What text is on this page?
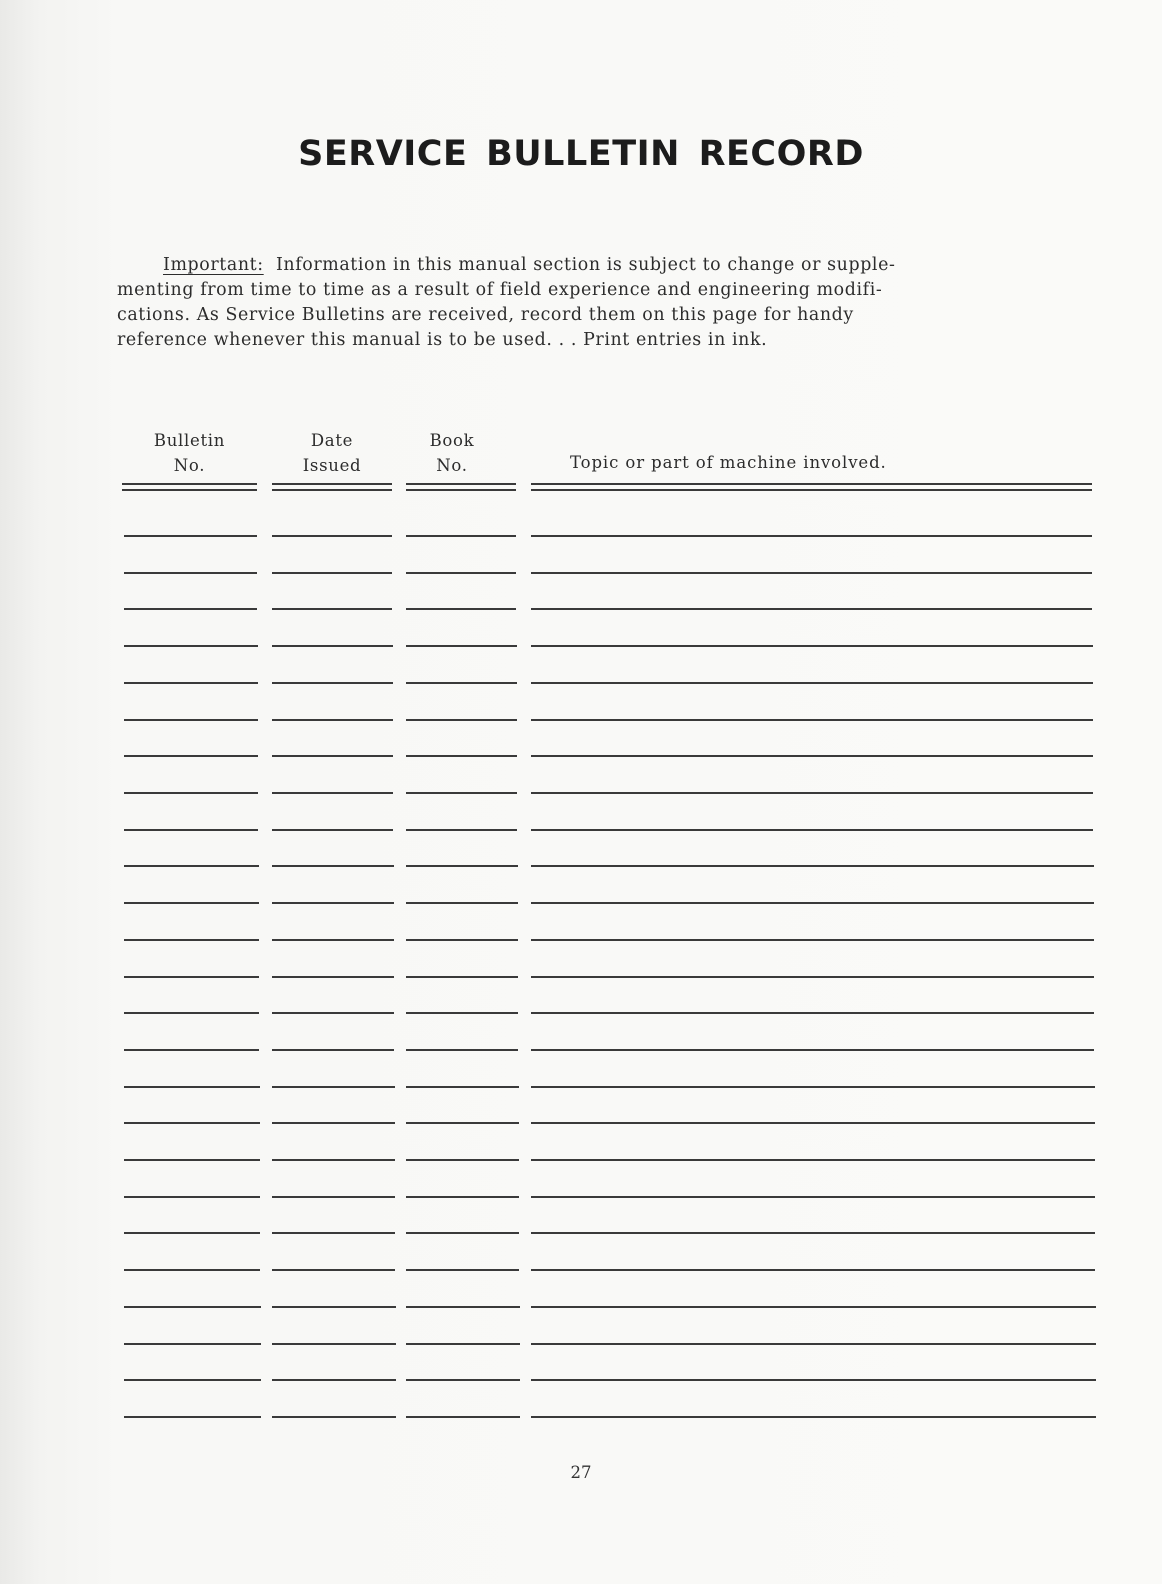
SERVICE BULLETIN RECORD
Important: Information in this manual section is subject to change or supple-
menting from time to time as a result of field experience and engineering modifi-
cations. As Service Bulletins are received, record them on this page for handy
reference whenever this manual is to be used. . . Print entries in ink.
Bulletin
No.
Date
Issued
Book
No.	Topic or part of machine involved.
27
